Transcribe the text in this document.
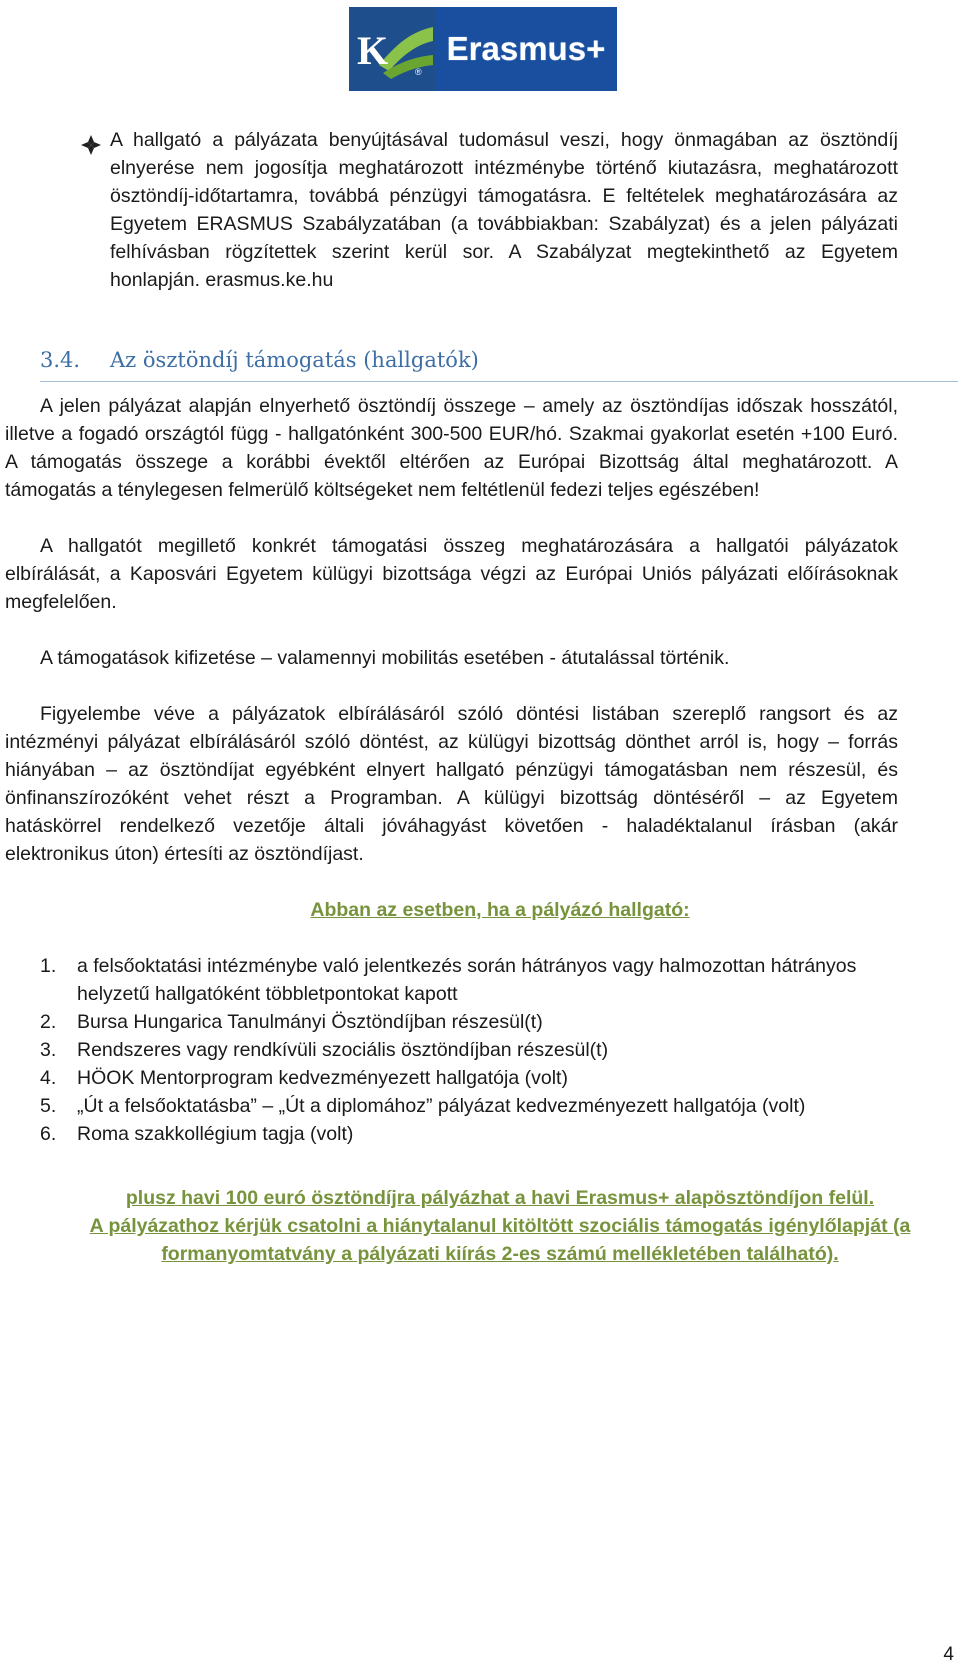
K	®
Erasmus+
A hallgató a pályázata benyújtásával tudomásul veszi, hogy önmagában az ösztöndíj
elnyerése nem jogosítja meghatározott intézménybe történő kiutazásra, meghatározott
ösztöndíj-időtartamra, továbbá pénzügyi támogatásra. E feltételek meghatározására az
Egyetem ERASMUS Szabályzatában (a továbbiakban: Szabályzat) és a jelen pályázati
felhívásban rögzítettek szerint kerül sor. A Szabályzat megtekinthető az Egyetem
honlapján. erasmus.ke.hu
3.4. Az ösztöndíj támogatás (hallgatók)
A jelen pályázat alapján elnyerhető ösztöndíj összege – amely az ösztöndíjas időszak hosszától,
illetve a fogadó országtól függ - hallgatónként 300-500 EUR/hó. Szakmai gyakorlat esetén +100 Euró.
A támogatás összege a korábbi évektől eltérően az Európai Bizottság által meghatározott. A
támogatás a ténylegesen felmerülő költségeket nem feltétlenül fedezi teljes egészében!
A hallgatót megillető konkrét támogatási összeg meghatározására a hallgatói pályázatok
elbírálását, a Kaposvári Egyetem külügyi bizottsága végzi az Európai Uniós pályázati előírásoknak
megfelelően.
A támogatások kifizetése – valamennyi mobilitás esetében - átutalással történik.
Figyelembe véve a pályázatok elbírálásáról szóló döntési listában szereplő rangsort és az
intézményi pályázat elbírálásáról szóló döntést, az külügyi bizottság dönthet arról is, hogy – forrás
hiányában – az ösztöndíjat egyébként elnyert hallgató pénzügyi támogatásban nem részesül, és
önfinanszírozóként vehet részt a Programban. A külügyi bizottság döntéséről – az Egyetem
hatáskörrel rendelkező vezetője általi jóváhagyást követően - haladéktalanul írásban (akár
elektronikus úton) értesíti az ösztöndíjast.
Abban az esetben, ha a pályázó hallgató:
1.	a felsőoktatási intézménybe való jelentkezés során hátrányos vagy halmozottan hátrányos helyzetű hallgatóként többletpontokat kapott
2.	Bursa Hungarica Tanulmányi Ösztöndíjban részesül(t)
3.	Rendszeres vagy rendkívüli szociális ösztöndíjban részesül(t)
4.	HÖOK Mentorprogram kedvezményezett hallgatója (volt)
5.	„Út a felsőoktatásba” – „Út a diplomához” pályázat kedvezményezett hallgatója (volt)
6.	Roma szakkollégium tagja (volt)
plusz havi 100 euró ösztöndíjra pályázhat a havi Erasmus+ alapösztöndíjon felül.
A pályázathoz kérjük csatolni a hiánytalanul kitöltött szociális támogatás igénylőlapját (a
formanyomtatvány a pályázati kiírás 2-es számú mellékletében található).
4
